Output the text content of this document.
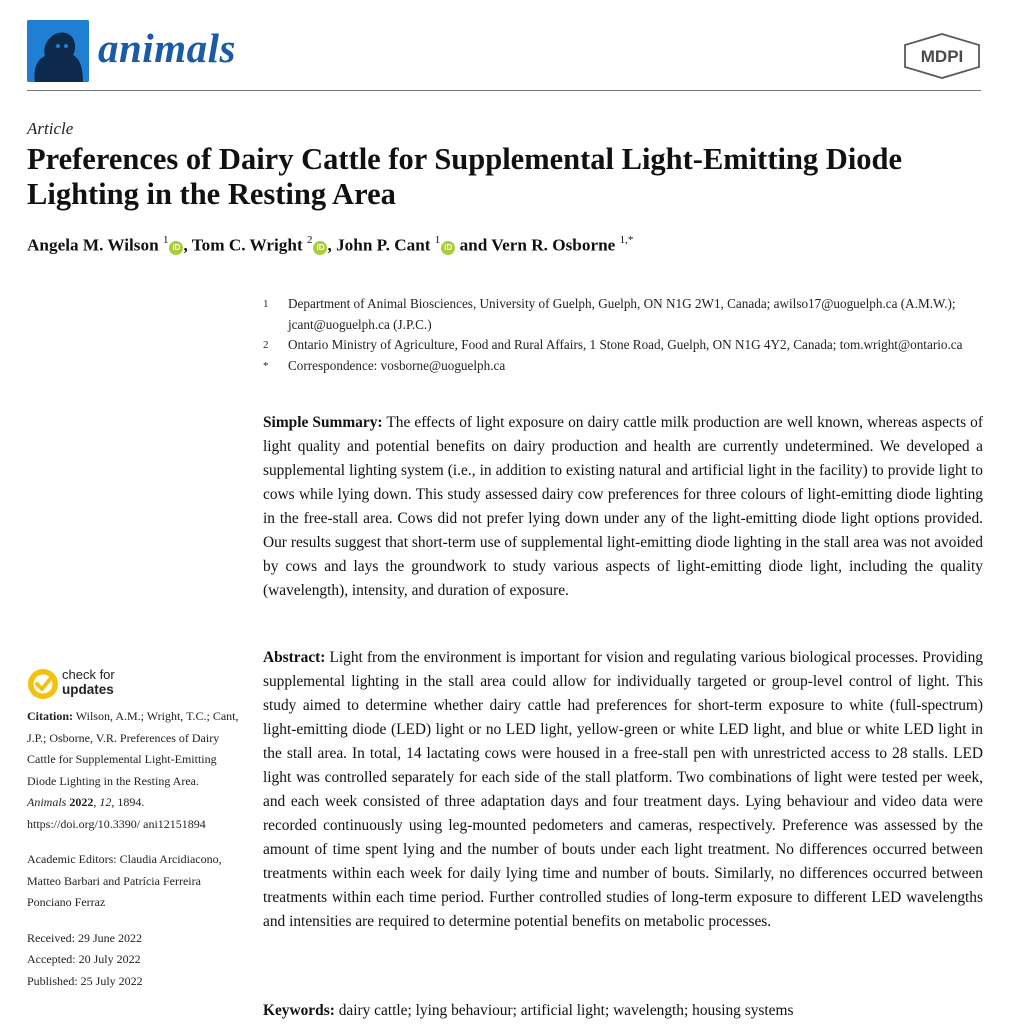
animals	MDPI
Article
Preferences of Dairy Cattle for Supplemental Light-Emitting Diode Lighting in the Resting Area
Angela M. Wilson $^1$iD , Tom C. Wright $^2$iD , John P. Cant $^1$iD and Vern R. Osborne $^{1,*}$
1	Department of Animal Biosciences, University of Guelph, Guelph, ON N1G 2W1, Canada; awilso17@uoguelph.ca (A.M.W.); jcant@uoguelph.ca (J.P.C.)
2	Ontario Ministry of Agriculture, Food and Rural Affairs, 1 Stone Road, Guelph, ON N1G 4Y2, Canada; tom.wright@ontario.ca
*	Correspondence: vosborne@uoguelph.ca

Simple Summary: The effects of light exposure on dairy cattle milk production are well known, whereas aspects of light quality and potential benefits on dairy production and health are currently undetermined. We developed a supplemental lighting system (i.e., in addition to existing natural and artificial light in the facility) to provide light to cows while lying down. This study assessed dairy cow preferences for three colours of light-emitting diode lighting in the free-stall area. Cows did not prefer lying down under any of the light-emitting diode light options provided. Our results suggest that short-term use of supplemental light-emitting diode lighting in the stall area was not avoided by cows and lays the groundwork to study various aspects of light-emitting diode light, including the quality (wavelength), intensity, and duration of exposure.

Abstract: Light from the environment is important for vision and regulating various biological processes. Providing supplemental lighting in the stall area could allow for individually targeted or group-level control of light. This study aimed to determine whether dairy cattle had preferences for short-term exposure to white (full-spectrum) light-emitting diode (LED) light or no LED light, yellow-green or white LED light, and blue or white LED light in the stall area. In total, 14 lactating cows were housed in a free-stall pen with unrestricted access to 28 stalls. LED light was controlled separately for each side of the stall platform. Two combinations of light were tested per week, and each week consisted of three adaptation days and four treatment days. Lying behaviour and video data were recorded continuously using leg-mounted pedometers and cameras, respectively. Preference was assessed by the amount of time spent lying and the number of bouts under each light treatment. No differences occurred between treatments within each week for daily lying time and number of bouts. Similarly, no differences occurred between treatments within each time period. Further controlled studies of long-term exposure to different LED wavelengths and intensities are required to determine potential benefits on metabolic processes.

Keywords: dairy cattle; lying behaviour; artificial light; wavelength; housing systems

check for
updates

Citation: Wilson, A.M.; Wright, T.C.; Cant, J.P.; Osborne, V.R. Preferences of Dairy Cattle for Supplemental Light-Emitting Diode Lighting in the Resting Area. Animals 2022, 12, 1894. https://doi.org/10.3390/ ani12151894

Academic Editors: Claudia Arcidiacono, Matteo Barbari and Patrícia Ferreira Ponciano Ferraz

Received: 29 June 2022
Accepted: 20 July 2022
Published: 25 July 2022
